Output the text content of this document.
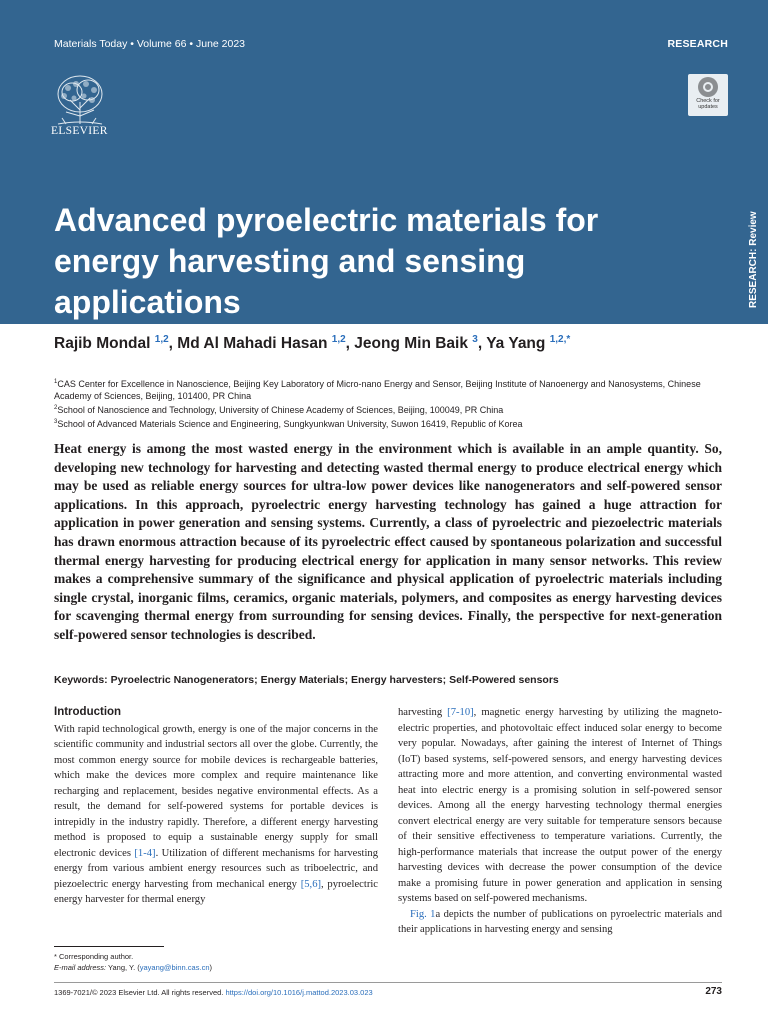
Materials Today • Volume 66 • June 2023	RESEARCH
ELSEVIER
Check for updates
RESEARCH: Review
Advanced pyroelectric materials for energy harvesting and sensing applications
Rajib Mondal $^{1,2}$, Md Al Mahadi Hasan $^{1,2}$, Jeong Min Baik $^3$, Ya Yang $^{1,2,*}$
$^1$CAS Center for Excellence in Nanoscience, Beijing Key Laboratory of Micro-nano Energy and Sensor, Beijing Institute of Nanoenergy and Nanosystems, Chinese Academy of Sciences, Beijing, 101400, PR China
$^2$School of Nanoscience and Technology, University of Chinese Academy of Sciences, Beijing, 100049, PR China
$^3$School of Advanced Materials Science and Engineering, Sungkyunkwan University, Suwon 16419, Republic of Korea

Heat energy is among the most wasted energy in the environment which is available in an ample quantity. So, developing new technology for harvesting and detecting wasted thermal energy to produce electrical energy which may be used as reliable energy sources for ultra-low power devices like nanogenerators and self-powered sensor applications. In this approach, pyroelectric energy harvesting technology has gained a huge attraction for application in power generation and sensing systems. Currently, a class of pyroelectric and piezoelectric materials has drawn enormous attraction because of its pyroelectric effect caused by spontaneous polarization and successful thermal energy harvesting for producing electrical energy for application in many sensor networks. This review makes a comprehensive summary of the significance and physical application of pyroelectric materials including single crystal, inorganic films, ceramics, organic materials, polymers, and composites as energy harvesting devices for scavenging thermal energy from surrounding for sensing devices. Finally, the perspective for next-generation self-powered sensor technologies is described.

Keywords: Pyroelectric Nanogenerators; Energy Materials; Energy harvesters; Self-Powered sensors
Introduction

With rapid technological growth, energy is one of the major concerns in the scientific community and industrial sectors all over the globe. Currently, the most common energy source for mobile devices is rechargeable batteries, which make the devices more complex and require maintenance like recharging and replacement, besides negative environmental effects. As a result, the demand for self-powered systems for portable devices is intrepidly in the industry rapidly. Therefore, a different energy harvesting method is proposed to equip a sustainable energy supply for small electronic devices [1-4]. Utilization of different mechanisms for harvesting energy from various ambient energy resources such as triboelectric, and piezoelectric energy harvesting from mechanical energy [5,6], pyroelectric energy harvester for thermal energy

harvesting [7-10], magnetic energy harvesting by utilizing the magneto-electric properties, and photovoltaic effect induced solar energy to become very popular. Nowadays, after gaining the interest of Internet of Things (IoT) based systems, self-powered sensors, and energy harvesting devices attracting more and more attention, and converting environmental wasted heat into electric energy is a promising solution in self-powered sensor devices. Among all the energy harvesting technology thermal energies convert electrical energy are very suitable for temperature sensors because of their sensitive effectiveness to temperature variations. Currently, the high-performance materials that increase the output power of the energy harvesting devices with decrease the power consumption of the device make a promising future in power generation and application in sensing systems based on self-powered mechanisms.

Fig. 1a depicts the number of publications on pyroelectric materials and their applications in harvesting energy and sensing

* Corresponding author.
E-mail address: Yang, Y. (yayang@binn.cas.cn)
1369-7021/© 2023 Elsevier Ltd. All rights reserved. https://doi.org/10.1016/j.mattod.2023.03.023	273
